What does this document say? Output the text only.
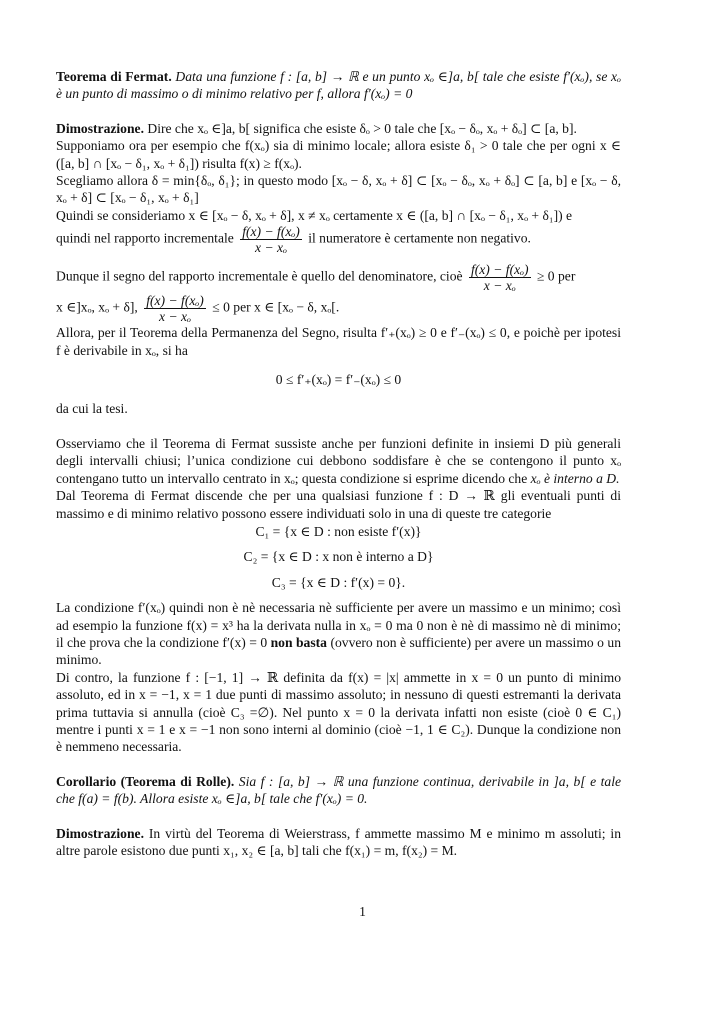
Teorema di Fermat. Data una funzione f : [a, b] → ℝ e un punto xₒ ∈]a, b[ tale che esiste f′(xₒ), se xₒ è un punto di massimo o di minimo relativo per f, allora f′(xₒ) = 0

Dimostrazione. Dire che xₒ ∈]a, b[ significa che esiste δₒ > 0 tale che [xₒ − δₒ, xₒ + δₒ] ⊂ [a, b].

Supponiamo ora per esempio che f(xₒ) sia di minimo locale; allora esiste δ₁ > 0 tale che per ogni x ∈ ([a, b] ∩ [xₒ − δ₁, xₒ + δ₁]) risulta f(x) ≥ f(xₒ).

Scegliamo allora δ = min{δₒ, δ₁}; in questo modo [xₒ − δ, xₒ + δ] ⊂ [xₒ − δₒ, xₒ + δₒ] ⊂ [a, b] e [xₒ − δ, xₒ + δ] ⊂ [xₒ − δ₁, xₒ + δ₁]

Quindi se consideriamo x ∈ [xₒ − δ, xₒ + δ], x ≠ xₒ certamente x ∈ ([a, b] ∩ [xₒ − δ₁, xₒ + δ₁]) e

quindi nel rapporto incrementale $\frac{\text{f(x) − f(xₒ)}}{\text{x − xₒ}}$ il numeratore è certamente non negativo.

Dunque il segno del rapporto incrementale è quello del denominatore, cioè $\frac{\text{f(x) − f(xₒ)}}{\text{x − xₒ}} \ge 0$ per

x ∈]xₒ, xₒ + δ], $\frac{\text{f(x) − f(xₒ)}}{\text{x − xₒ}} \le 0$ per x ∈ [xₒ − δ, xₒ[.

Allora, per il Teorema della Permanenza del Segno, risulta f′₊(xₒ) ≥ 0 e f′₋(xₒ) ≤ 0, e poichè per ipotesi f è derivabile in xₒ, si ha

0 ≤ f′₊(xₒ) = f′₋(xₒ) ≤ 0

da cui la tesi.

Osserviamo che il Teorema di Fermat sussiste anche per funzioni definite in insiemi D più generali degli intervalli chiusi; l’unica condizione cui debbono soddisfare è che se contengono il punto xₒ contengano tutto un intervallo centrato in xₒ; questa condizione si esprime dicendo che xₒ è interno a D.

Dal Teorema di Fermat discende che per una qualsiasi funzione f : D → ℝ gli eventuali punti di massimo e di minimo relativo possono essere individuati solo in una di queste tre categorie

C₁ = {x ∈ D : non esiste f′(x)}

C₂ = {x ∈ D : x non è interno a D}

C₃ = {x ∈ D : f′(x) = 0}.

La condizione f′(xₒ) quindi non è nè necessaria nè sufficiente per avere un massimo e un minimo; così ad esempio la funzione f(x) = x³ ha la derivata nulla in xₒ = 0 ma 0 non è nè di massimo nè di minimo; il che prova che la condizione f′(x) = 0 non basta (ovvero non è sufficiente) per avere un massimo o un minimo.

Di contro, la funzione f : [−1, 1] → ℝ definita da f(x) = |x| ammette in x = 0 un punto di minimo assoluto, ed in x = −1, x = 1 due punti di massimo assoluto; in nessuno di questi estremanti la derivata prima tuttavia si annulla (cioè C₃ =∅). Nel punto x = 0 la derivata infatti non esiste (cioè 0 ∈ C₁) mentre i punti x = 1 e x = −1 non sono interni al dominio (cioè −1, 1 ∈ C₂). Dunque la condizione non è nemmeno necessaria.

Corollario (Teorema di Rolle). Sia f : [a, b] → ℝ una funzione continua, derivabile in ]a, b[ e tale che f(a) = f(b). Allora esiste xₒ ∈]a, b[ tale che f′(xₒ) = 0.

Dimostrazione. In virtù del Teorema di Weierstrass, f ammette massimo M e minimo m assoluti; in altre parole esistono due punti x₁, x₂ ∈ [a, b] tali che f(x₁) = m, f(x₂) = M.

1
